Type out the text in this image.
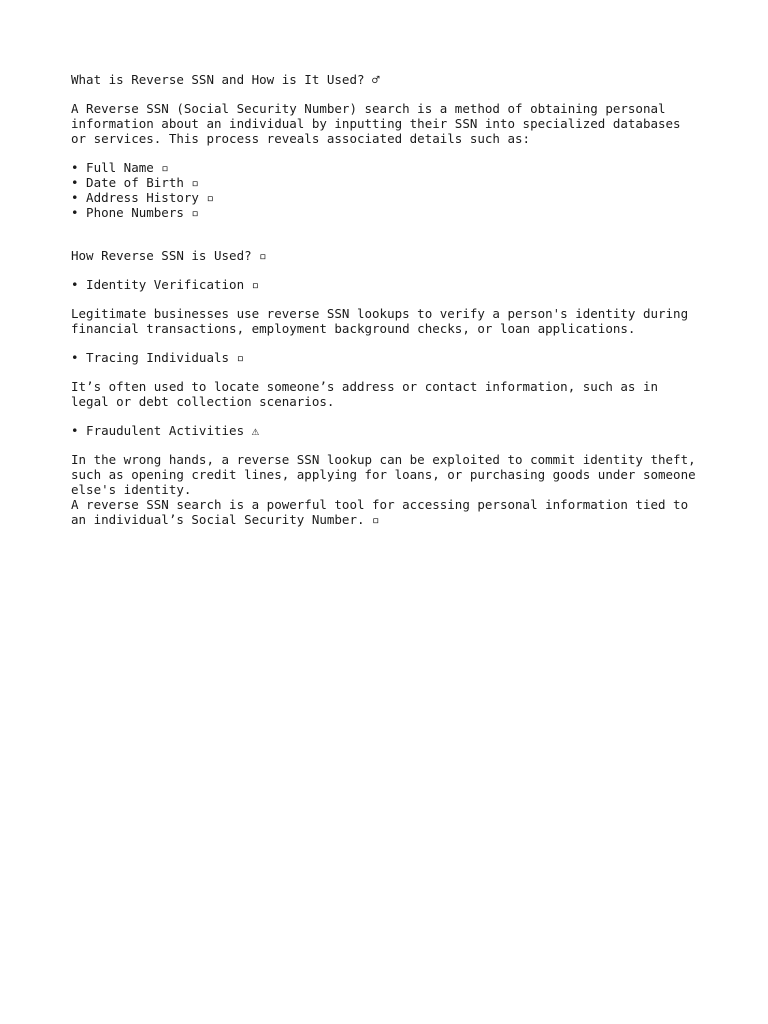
What is Reverse SSN and How is It Used? ♂
A Reverse SSN (Social Security Number) search is a method of obtaining personal
information about an individual by inputting their SSN into specialized databases
or services. This process reveals associated details such as:
• Full Name ▫
• Date of Birth ▫
• Address History ▫
• Phone Numbers ▫
How Reverse SSN is Used? ▫
• Identity Verification ▫
Legitimate businesses use reverse SSN lookups to verify a person's identity during
financial transactions, employment background checks, or loan applications.
• Tracing Individuals ▫
It’s often used to locate someone’s address or contact information, such as in
legal or debt collection scenarios.
• Fraudulent Activities ⚠
In the wrong hands, a reverse SSN lookup can be exploited to commit identity theft,
such as opening credit lines, applying for loans, or purchasing goods under someone
else's identity.
A reverse SSN search is a powerful tool for accessing personal information tied to
an individual’s Social Security Number. ▫
